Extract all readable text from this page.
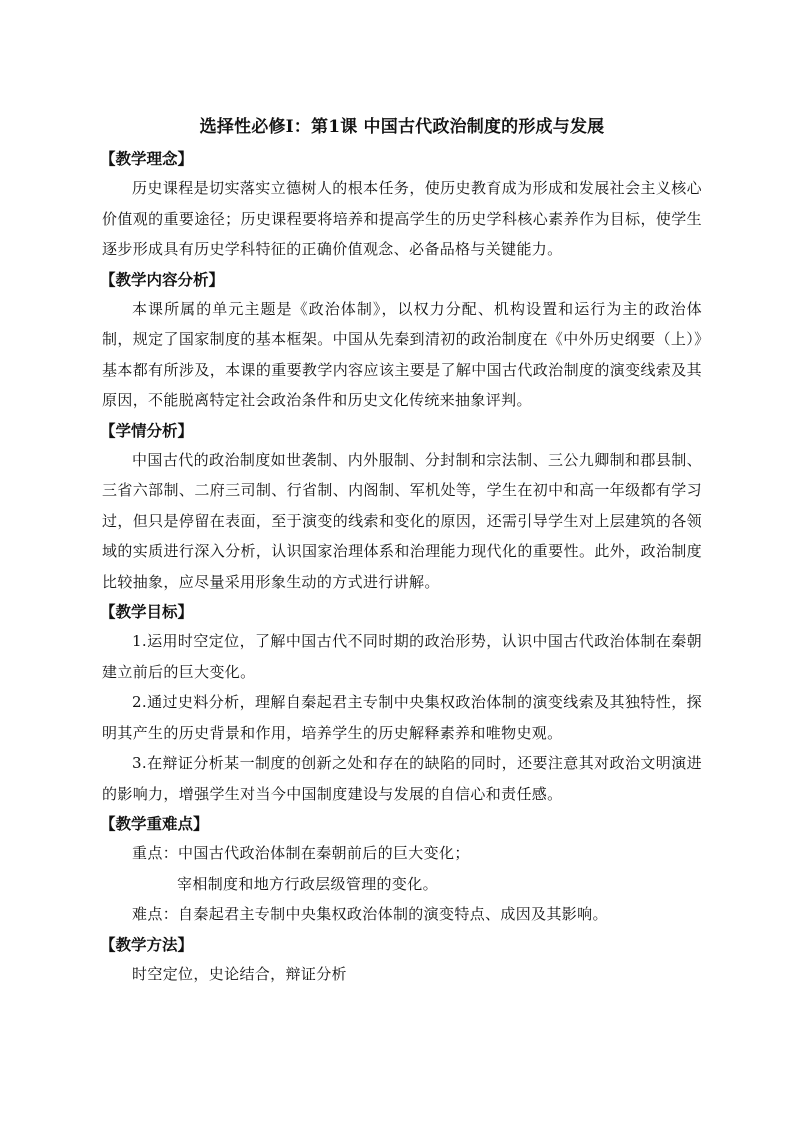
选择性必修Ⅰ：第1课 中国古代政治制度的形成与发展
【教学理念】

历史课程是切实落实立德树人的根本任务，使历史教育成为形成和发展社会主义核心价值观的重要途径；历史课程要将培养和提高学生的历史学科核心素养作为目标，使学生逐步形成具有历史学科特征的正确价值观念、必备品格与关键能力。

【教学内容分析】

本课所属的单元主题是《政治体制》，以权力分配、机构设置和运行为主的政治体制，规定了国家制度的基本框架。中国从先秦到清初的政治制度在《中外历史纲要（上）》基本都有所涉及，本课的重要教学内容应该主要是了解中国古代政治制度的演变线索及其原因，不能脱离特定社会政治条件和历史文化传统来抽象评判。

【学情分析】

中国古代的政治制度如世袭制、内外服制、分封制和宗法制、三公九卿制和郡县制、三省六部制、二府三司制、行省制、内阁制、军机处等，学生在初中和高一年级都有学习过，但只是停留在表面，至于演变的线索和变化的原因，还需引导学生对上层建筑的各领域的实质进行深入分析，认识国家治理体系和治理能力现代化的重要性。此外，政治制度比较抽象，应尽量采用形象生动的方式进行讲解。

【教学目标】

1.运用时空定位，了解中国古代不同时期的政治形势，认识中国古代政治体制在秦朝建立前后的巨大变化。

2.通过史料分析，理解自秦起君主专制中央集权政治体制的演变线索及其独特性，探明其产生的历史背景和作用，培养学生的历史解释素养和唯物史观。

3.在辩证分析某一制度的创新之处和存在的缺陷的同时，还要注意其对政治文明演进的影响力，增强学生对当今中国制度建设与发展的自信心和责任感。

【教学重难点】
重点：中国古代政治体制在秦朝前后的巨大变化；
宰相制度和地方行政层级管理的变化。
难点：自秦起君主专制中央集权政治体制的演变特点、成因及其影响。
【教学方法】
时空定位，史论结合，辩证分析
